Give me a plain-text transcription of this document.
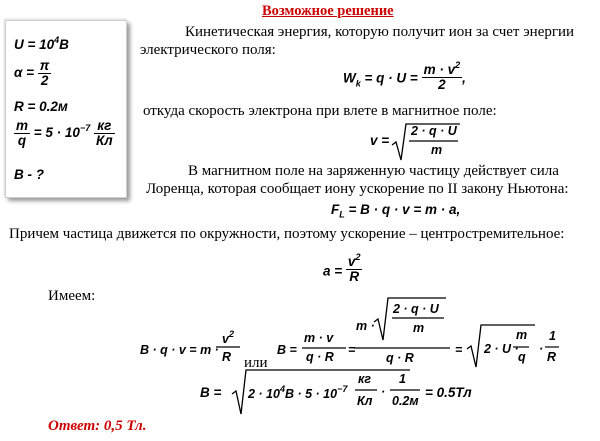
Возможное решение
$U = 10^4В$
$\alpha = \frac{\pi}{2}$
R = 0.2м
$\frac{m}{q} = 5 \cdot 10^{-7} \frac{кг}{Кл}$
B - ?
Кинетическая энергия, которую получит ион за счет энергии
электрического поля:
$W_k = q \cdot U = \frac{m \cdot v^2}{2}$ ,
откуда скорость электрона при влете в магнитное поле:
v =
2 · q · U
m
В магнитном поле на заряженную частицу действует сила
Лоренца, которая сообщает иону ускорение по II закону Ньютона:
$F_L = B \cdot q \cdot v = m \cdot a$,
Причем частица движется по окружности, поэтому ускорение – центростремительное:
$a = \frac{v^2}{R}$
Имеем:
B · q · v = m ·
$v^2$
R или
B =
m · v
q · R =
m ·
2 · q · U
m
q · R
= 2 · U ·
m
q
·
1
R
$B = 2 \cdot 10^4В \cdot 5 \cdot 10^{-7}$
кг
Кл
·
1
0.2м
= 0.5Тл
Ответ: 0,5 Тл.
